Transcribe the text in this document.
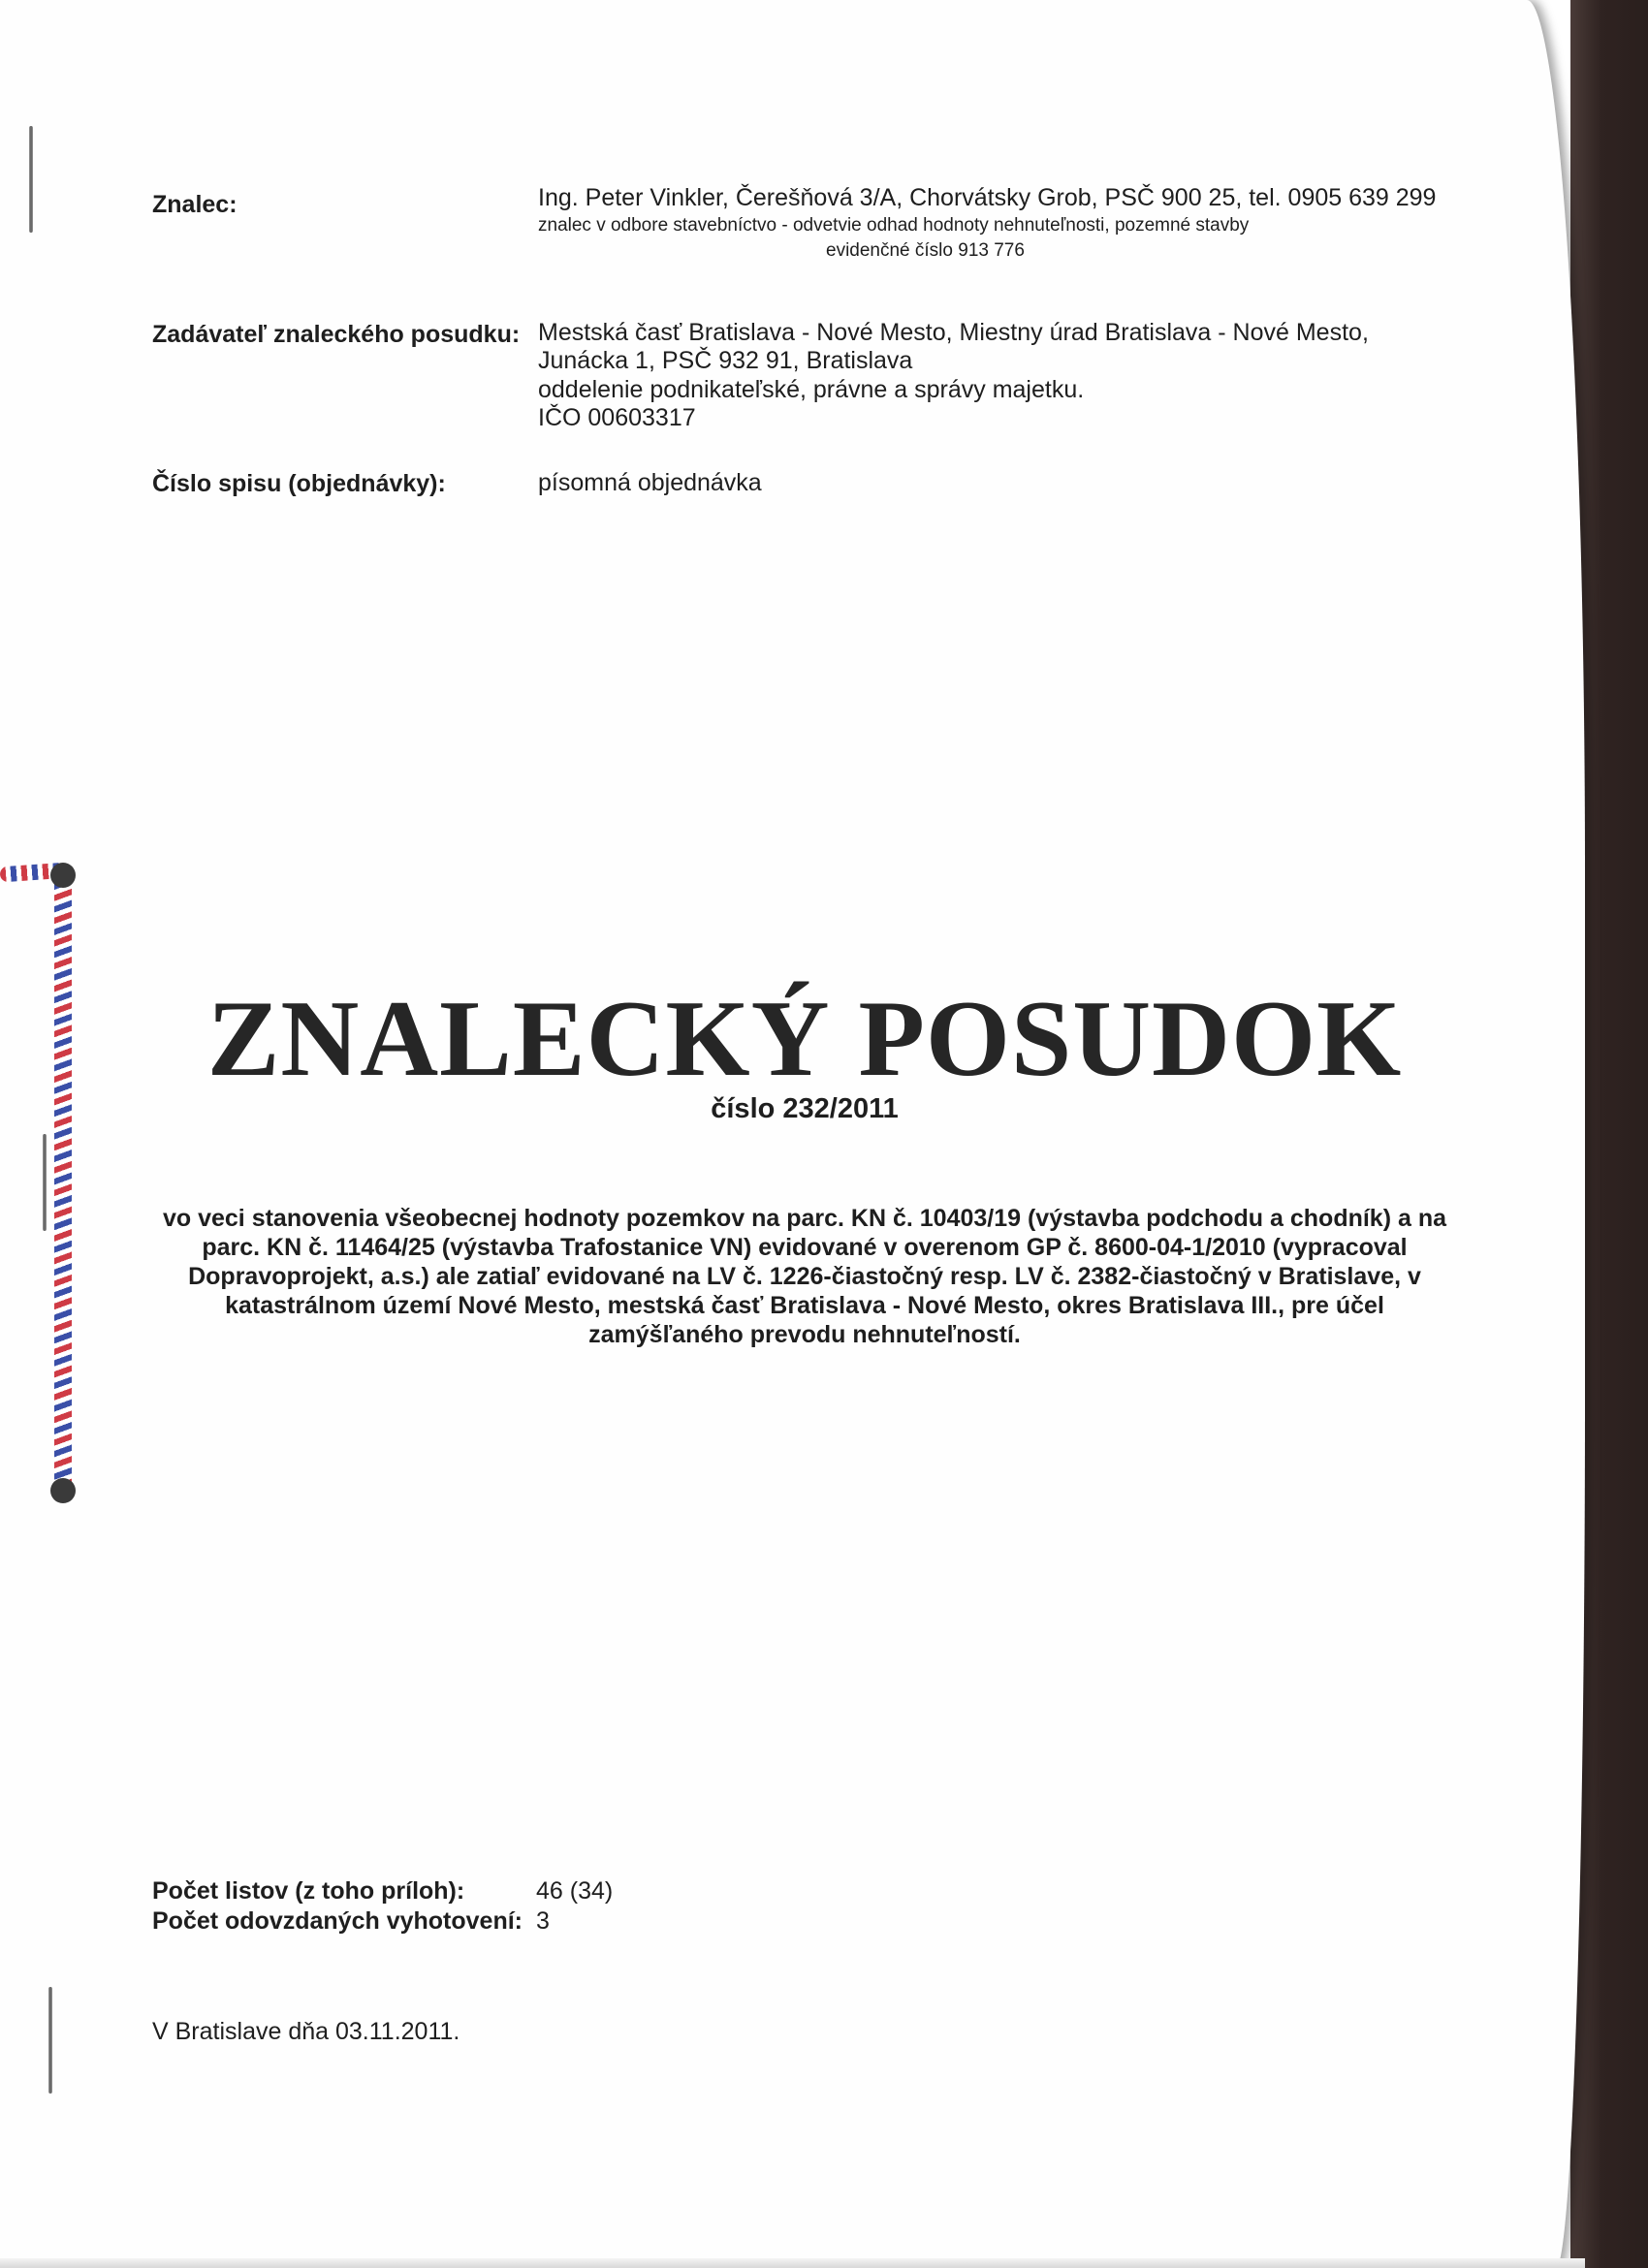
Znalec:	Ing. Peter Vinkler, Čerešňová 3/A, Chorvátsky Grob, PSČ 900 25, tel. 0905 639 299
znalec v odbore stavebníctvo - odvetvie odhad hodnoty nehnuteľnosti, pozemné stavby
evidenčné číslo 913 776
Zadávateľ znaleckého posudku: Mestská časť Bratislava - Nové Mesto, Miestny úrad Bratislava - Nové Mesto,
Junácka 1, PSČ 932 91, Bratislava
oddelenie podnikateľské, právne a správy majetku.
IČO 00603317
Číslo spisu (objednávky):	písomná objednávka
ZNALECKÝ POSUDOK
číslo 232/2011
vo veci stanovenia všeobecnej hodnoty pozemkov na parc. KN č. 10403/19 (výstavba podchodu a chodník) a na
parc. KN č. 11464/25 (výstavba Trafostanice VN) evidované v overenom GP č. 8600-04-1/2010 (vypracoval
Dopravoprojekt, a.s.) ale zatiaľ evidované na LV č. 1226-čiastočný resp. LV č. 2382-čiastočný v Bratislave, v
katastrálnom území Nové Mesto, mestská časť Bratislava - Nové Mesto, okres Bratislava III., pre účel
zamýšľaného prevodu nehnuteľností.
Počet listov (z toho príloh):	46 (34)
Počet odovzdaných vyhotovení: 3
V Bratislave dňa 03.11.2011.
